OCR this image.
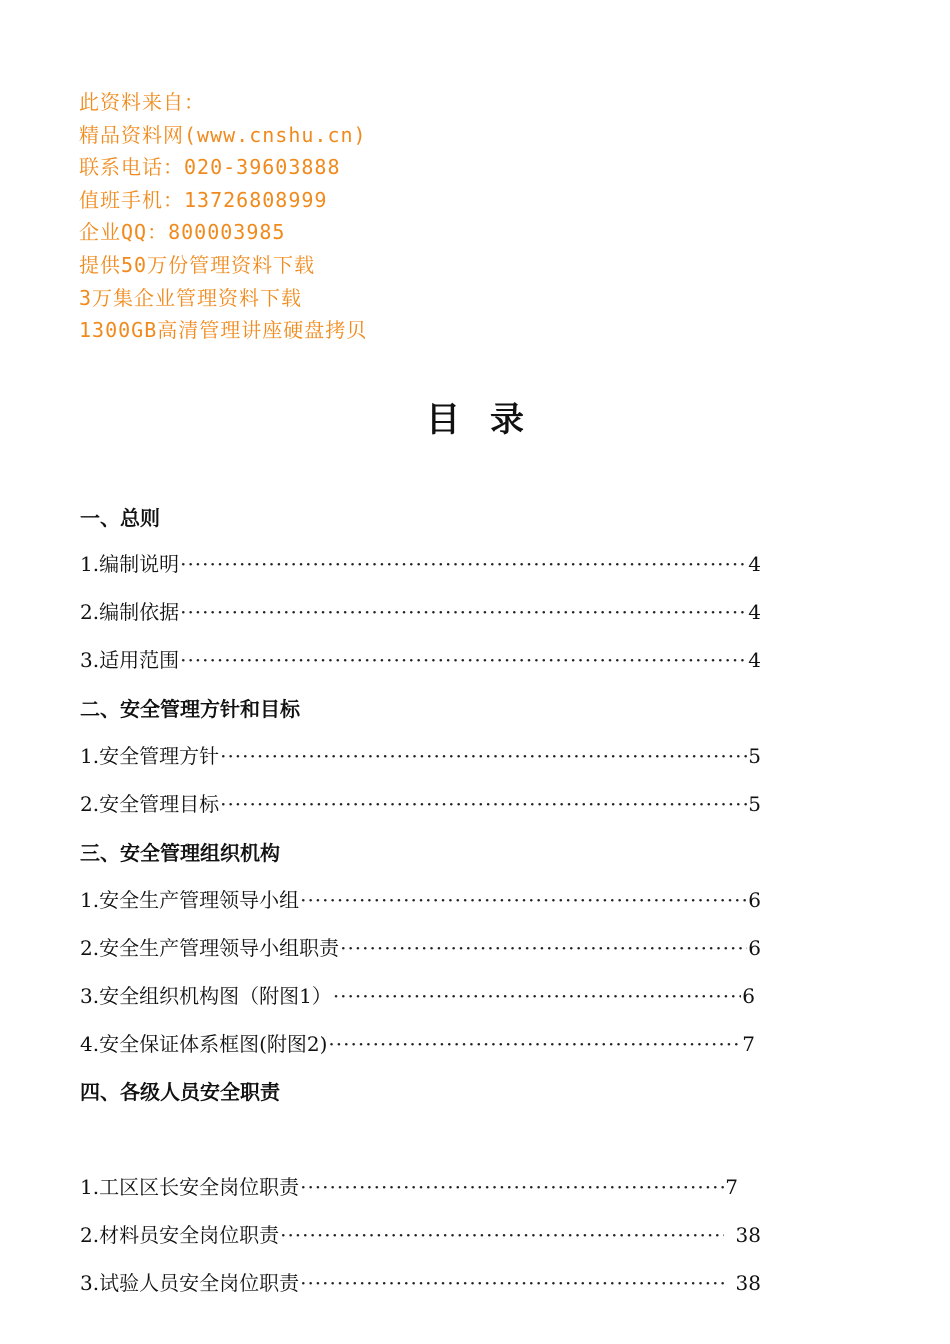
此资料来自：
精品资料网(www.cnshu.cn)
联系电话：020-39603888
值班手机：13726808999
企业QQ：800003985
提供50万份管理资料下载
3万集企业管理资料下载
1300GB高清管理讲座硬盘拷贝
目录
一、总则
1.编制说明 ·····	4
2.编制依据 ·····	4
3.适用范围 ·····	4
二、安全管理方针和目标
1.安全管理方针 ·····	5
2.安全管理目标 ·····	5
三、安全管理组织机构
1.安全生产管理领导小组 ·····	6
2.安全生产管理领导小组职责 ·····	6
3.安全组织机构图（附图1） ·····	6
4.安全保证体系框图(附图2) ·····	7
四、各级人员安全职责
1.工区区长安全岗位职责 ·····	7
2.材料员安全岗位职责 ·····	38
3.试验人员安全岗位职责 ·····	38
